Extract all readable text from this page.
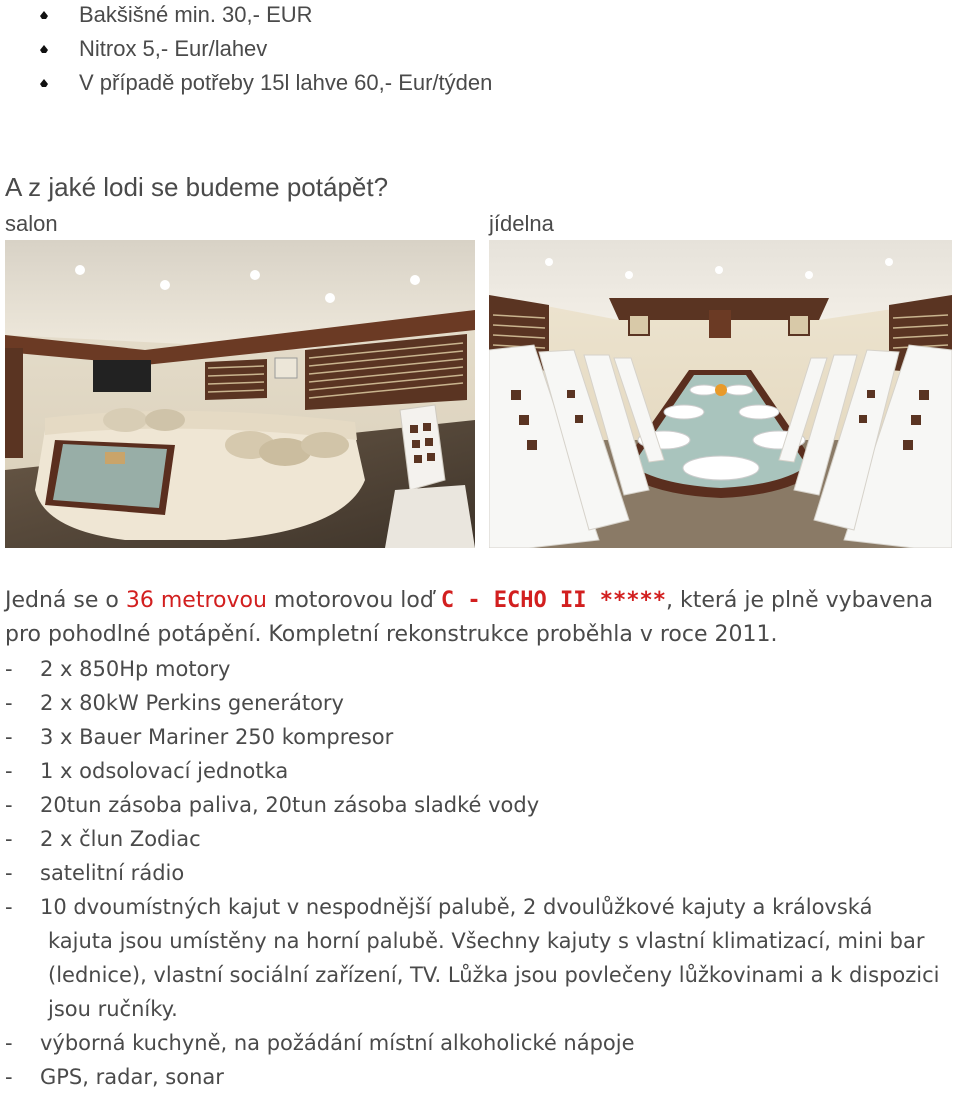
Bakšišné min. 30,- EUR
Nitrox 5,- Eur/lahev
V případě potřeby 15l lahve 60,- Eur/týden
A z jaké lodi se budeme potápět?
salon	jídelna
Jedná se o 36 metrovou motorovou loď C - ECHO II *****, která je plně vybavena pro pohodlné potápění. Kompletní rekonstrukce proběhla v roce 2011.
- 2 x 850Hp motory
- 2 x 80kW Perkins generátory
- 3 x Bauer Mariner 250 kompresor
- 1 x odsolovací jednotka
- 20tun zásoba paliva, 20tun zásoba sladké vody
- 2 x člun Zodiac
- satelitní rádio
- 10 dvoumístných kajut v nespodnější palubě, 2 dvoulůžkové kajuty a královská
kajuta jsou umístěny na horní palubě. Všechny kajuty s vlastní klimatizací, mini bar (lednice), vlastní sociální zařízení, TV. Lůžka jsou povlečeny lůžkovinami a k dispozici jsou ručníky.
- výborná kuchyně, na požádání místní alkoholické nápoje
- GPS, radar, sonar
